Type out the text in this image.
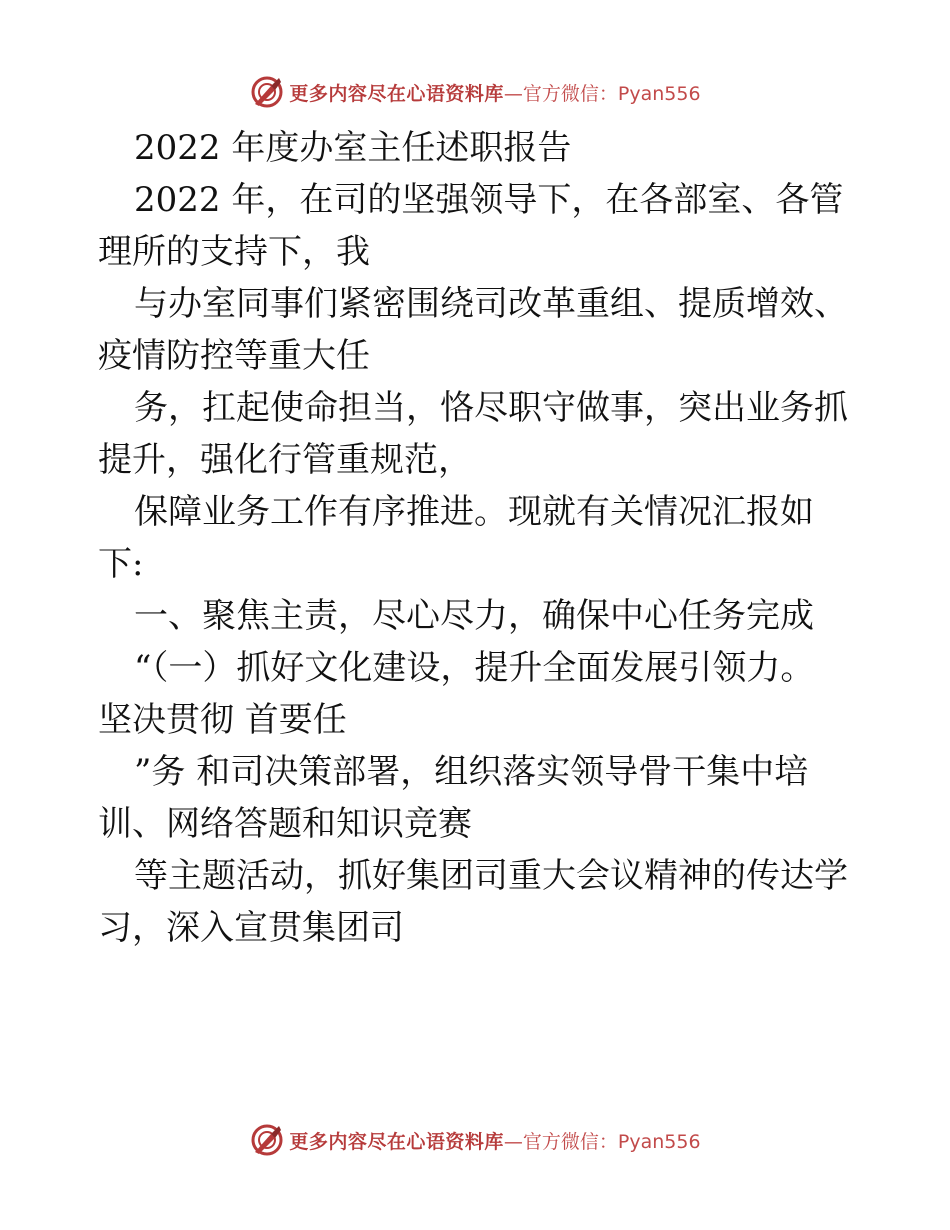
更多内容尽在心语资料库 —官方微信：Pyan556

2022 年度办室主任述职报告

2022 年，在司的坚强领导下，在各部室、各管

理所的支持下，我

与办室同事们紧密围绕司改革重组、提质增效、

疫情防控等重大任

务，扛起使命担当，恪尽职守做事，突出业务抓

提升，强化行管重规范，

保障业务工作有序推进。现就有关情况汇报如

下:

一、聚焦主责，尽心尽力，确保中心任务完成

“（一）抓好文化建设，提升全面发展引领力。

坚决贯彻 首要任

”务 和司决策部署，组织落实领导骨干集中培

训、网络答题和知识竞赛

等主题活动，抓好集团司重大会议精神的传达学

习，深入宣贯集团司

更多内容尽在心语资料库 —官方微信：Pyan556
